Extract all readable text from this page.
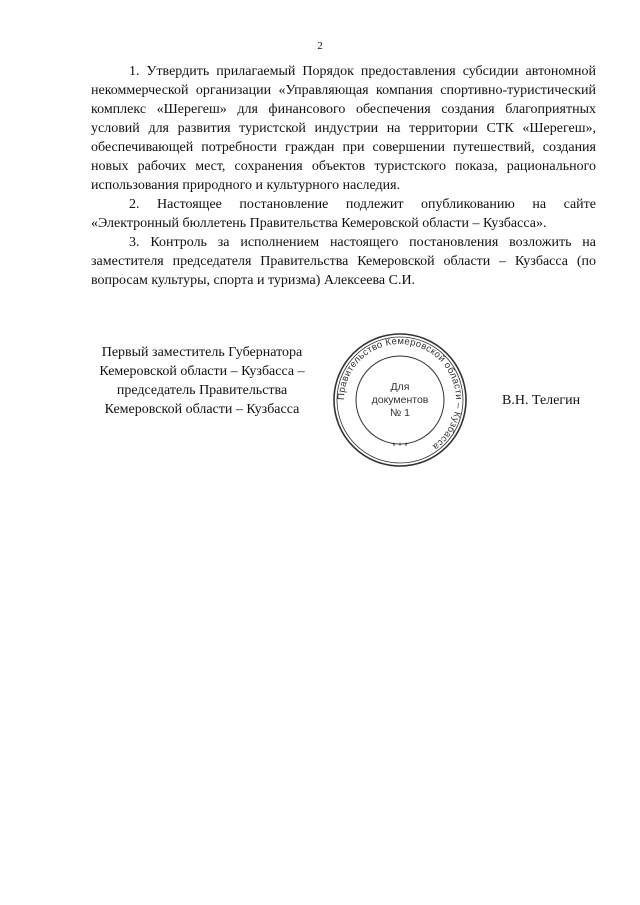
2

1. Утвердить прилагаемый Порядок предоставления субсидии автономной некоммерческой организации «Управляющая компания спортивно-туристический комплекс «Шерегеш» для финансового обеспечения создания благоприятных условий для развития туристской индустрии на территории СТК «Шерегеш», обеспечивающей потребности граждан при совершении путешествий, создания новых рабочих мест, сохранения объектов туристского показа, рационального использования природного и культурного наследия.

2. Настоящее постановление подлежит опубликованию на сайте «Электронный бюллетень Правительства Кемеровской области – Кузбасса».

3. Контроль за исполнением настоящего постановления возложить на заместителя председателя Правительства Кемеровской области – Кузбасса (по вопросам культуры, спорта и туризма) Алексеева С.И.

Первый заместитель Губернатора
Кемеровской области – Кузбасса –
председатель Правительства
Кемеровской области – Кузбасса
Правительство Кемеровской области – Кузбасса
* * *
Для
документов
№ 1
В.Н. Телегин
